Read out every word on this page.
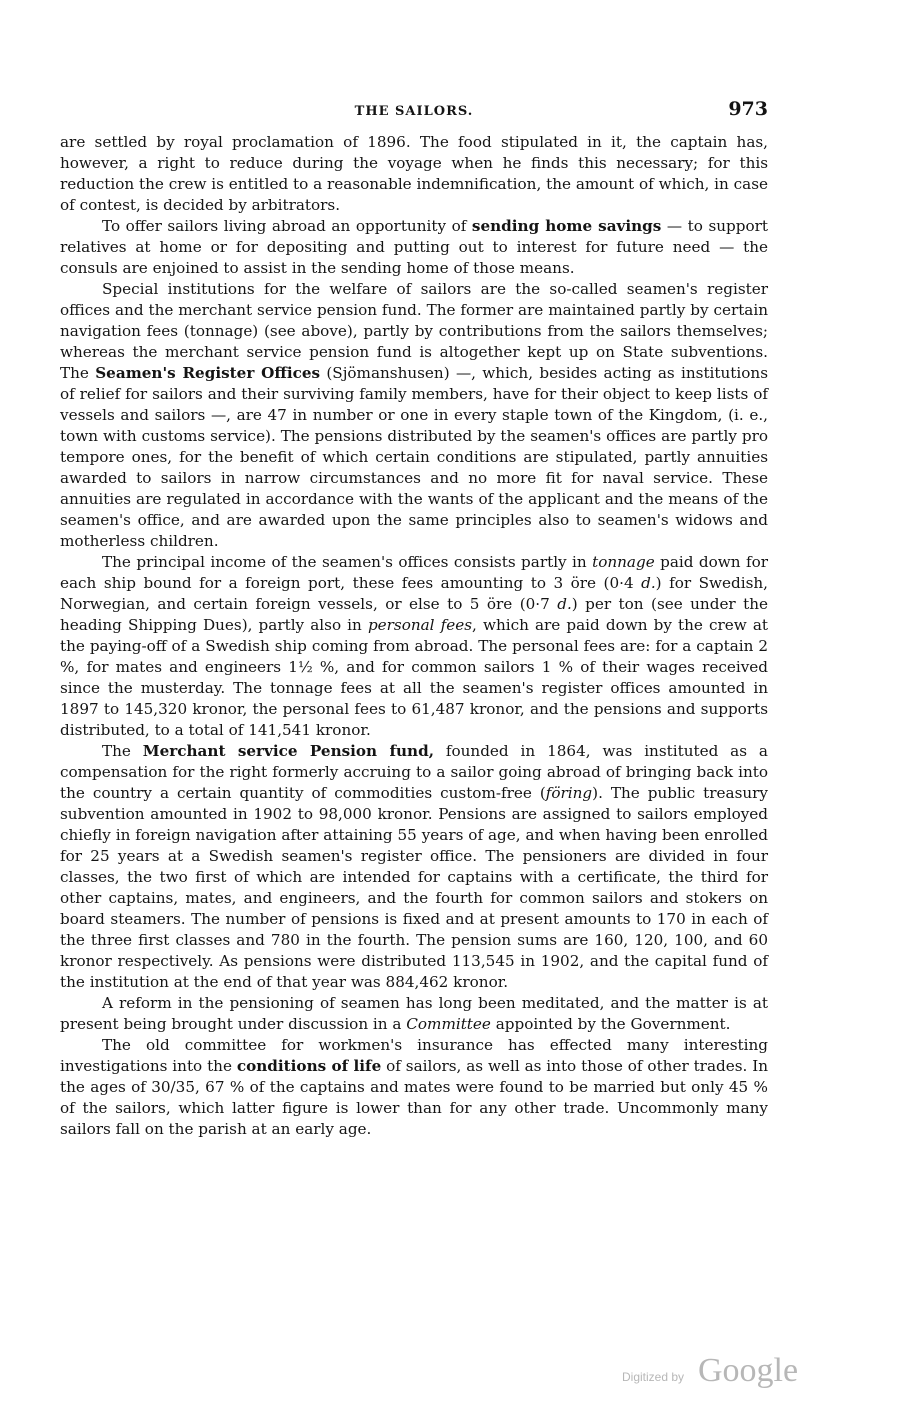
THE SAILORS.	973

are settled by royal proclamation of 1896. The food stipulated in it, the captain has, however, a right to reduce during the voyage when he finds this necessary; for this reduction the crew is entitled to a reasonable indemnification, the amount of which, in case of contest, is decided by arbitrators.

To offer sailors living abroad an opportunity of sending home savings — to support relatives at home or for depositing and putting out to interest for future need — the consuls are enjoined to assist in the sending home of those means.

Special institutions for the welfare of sailors are the so-called seamen's register offices and the merchant service pension fund. The former are maintained partly by certain navigation fees (tonnage) (see above), partly by contributions from the sailors themselves; whereas the merchant service pension fund is altogether kept up on State subventions. The Seamen's Register Offices (Sjömanshusen) —, which, besides acting as institutions of relief for sailors and their surviving family members, have for their object to keep lists of vessels and sailors —, are 47 in number or one in every staple town of the Kingdom, (i. e., town with customs service). The pensions distributed by the seamen's offices are partly pro tempore ones, for the benefit of which certain conditions are stipulated, partly annuities awarded to sailors in narrow circumstances and no more fit for naval service. These annuities are regulated in accordance with the wants of the applicant and the means of the seamen's office, and are awarded upon the same principles also to seamen's widows and motherless children.

The principal income of the seamen's offices consists partly in tonnage paid down for each ship bound for a foreign port, these fees amounting to 3 öre (0·4 d.) for Swedish, Norwegian, and certain foreign vessels, or else to 5 öre (0·7 d.) per ton (see under the heading Shipping Dues), partly also in personal fees, which are paid down by the crew at the paying-off of a Swedish ship coming from abroad. The personal fees are: for a captain 2 %, for mates and engineers 1½ %, and for common sailors 1 % of their wages received since the musterday. The tonnage fees at all the seamen's register offices amounted in 1897 to 145,320 kronor, the personal fees to 61,487 kronor, and the pensions and supports distributed, to a total of 141,541 kronor.

The Merchant service Pension fund, founded in 1864, was instituted as a compensation for the right formerly accruing to a sailor going abroad of bringing back into the country a certain quantity of commodities custom-free (föring). The public treasury subvention amounted in 1902 to 98,000 kronor. Pensions are assigned to sailors employed chiefly in foreign navigation after attaining 55 years of age, and when having been enrolled for 25 years at a Swedish seamen's register office. The pensioners are divided in four classes, the two first of which are intended for captains with a certificate, the third for other captains, mates, and engineers, and the fourth for common sailors and stokers on board steamers. The number of pensions is fixed and at present amounts to 170 in each of the three first classes and 780 in the fourth. The pension sums are 160, 120, 100, and 60 kronor respectively. As pensions were distributed 113,545 in 1902, and the capital fund of the institution at the end of that year was 884,462 kronor.

A reform in the pensioning of seamen has long been meditated, and the matter is at present being brought under discussion in a Committee appointed by the Government.

The old committee for workmen's insurance has effected many interesting investigations into the conditions of life of sailors, as well as into those of other trades. In the ages of 30/35, 67 % of the captains and mates were found to be married but only 45 % of the sailors, which latter figure is lower than for any other trade. Uncommonly many sailors fall on the parish at an early age.

Digitized by Google
